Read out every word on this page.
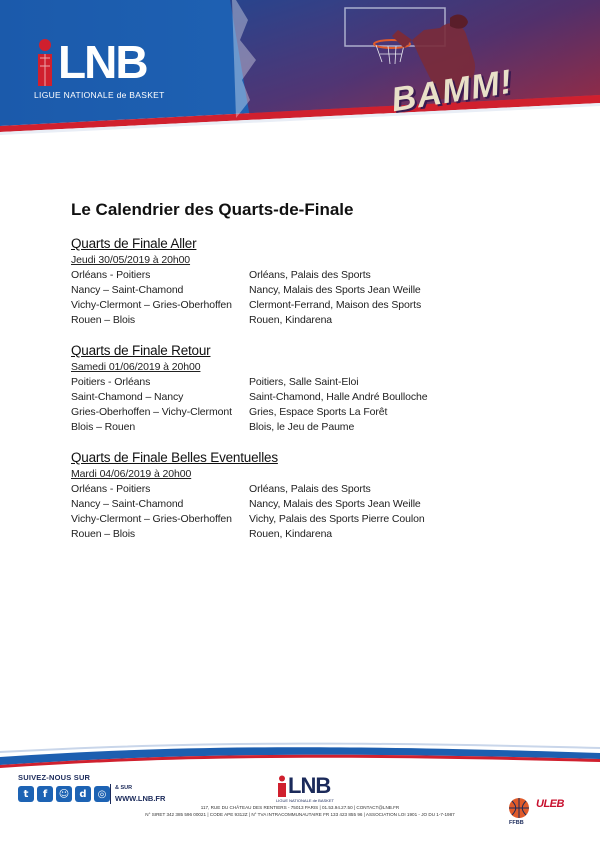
LNB
LIGUE NATIONALE de BASKET	BAMM!
Le Calendrier des Quarts-de-Finale
Quarts de Finale Aller
Jeudi 30/05/2019 à 20h00
Orléans - Poitiers	Orléans, Palais des Sports
Nancy – Saint-Chamond	Nancy, Malais des Sports Jean Weille
Vichy-Clermont – Gries-Oberhoffen	Clermont-Ferrand, Maison des Sports
Rouen – Blois	Rouen, Kindarena
Quarts de Finale Retour
Samedi 01/06/2019 à 20h00
Poitiers - Orléans	Poitiers, Salle Saint-Eloi
Saint-Chamond – Nancy	Saint-Chamond, Halle André Boulloche
Gries-Oberhoffen – Vichy-Clermont	Gries, Espace Sports La Forêt
Blois – Rouen	Blois, le Jeu de Paume
Quarts de Finale Belles Eventuelles
Mardi 04/06/2019 à 20h00
Orléans - Poitiers	Orléans, Palais des Sports
Nancy – Saint-Chamond	Nancy, Malais des Sports Jean Weille
Vichy-Clermont – Gries-Oberhoffen	Vichy, Palais des Sports Pierre Coulon
Rouen – Blois	Rouen, Kindarena
SUIVEZ-NOUS SUR
t	f	☺	d	◎
& SUR
WWW.LNB.FR
LNB
LIGUE NATIONALE de BASKET
117, RUE DU CHÂTEAU DES RENTIERS - 75013 PARIS | 01.53.94.27.50 | CONTACT@LNB.FR
N° SIRET 342 385 596 00021 | CODE APE 9312Z | N° TVA INTRACOMMUNAUTAIRE FR 133 423 855 96 | ASSOCIATION LOI 1901 - JO DU 1-7-1987
FFBB
ULEB
